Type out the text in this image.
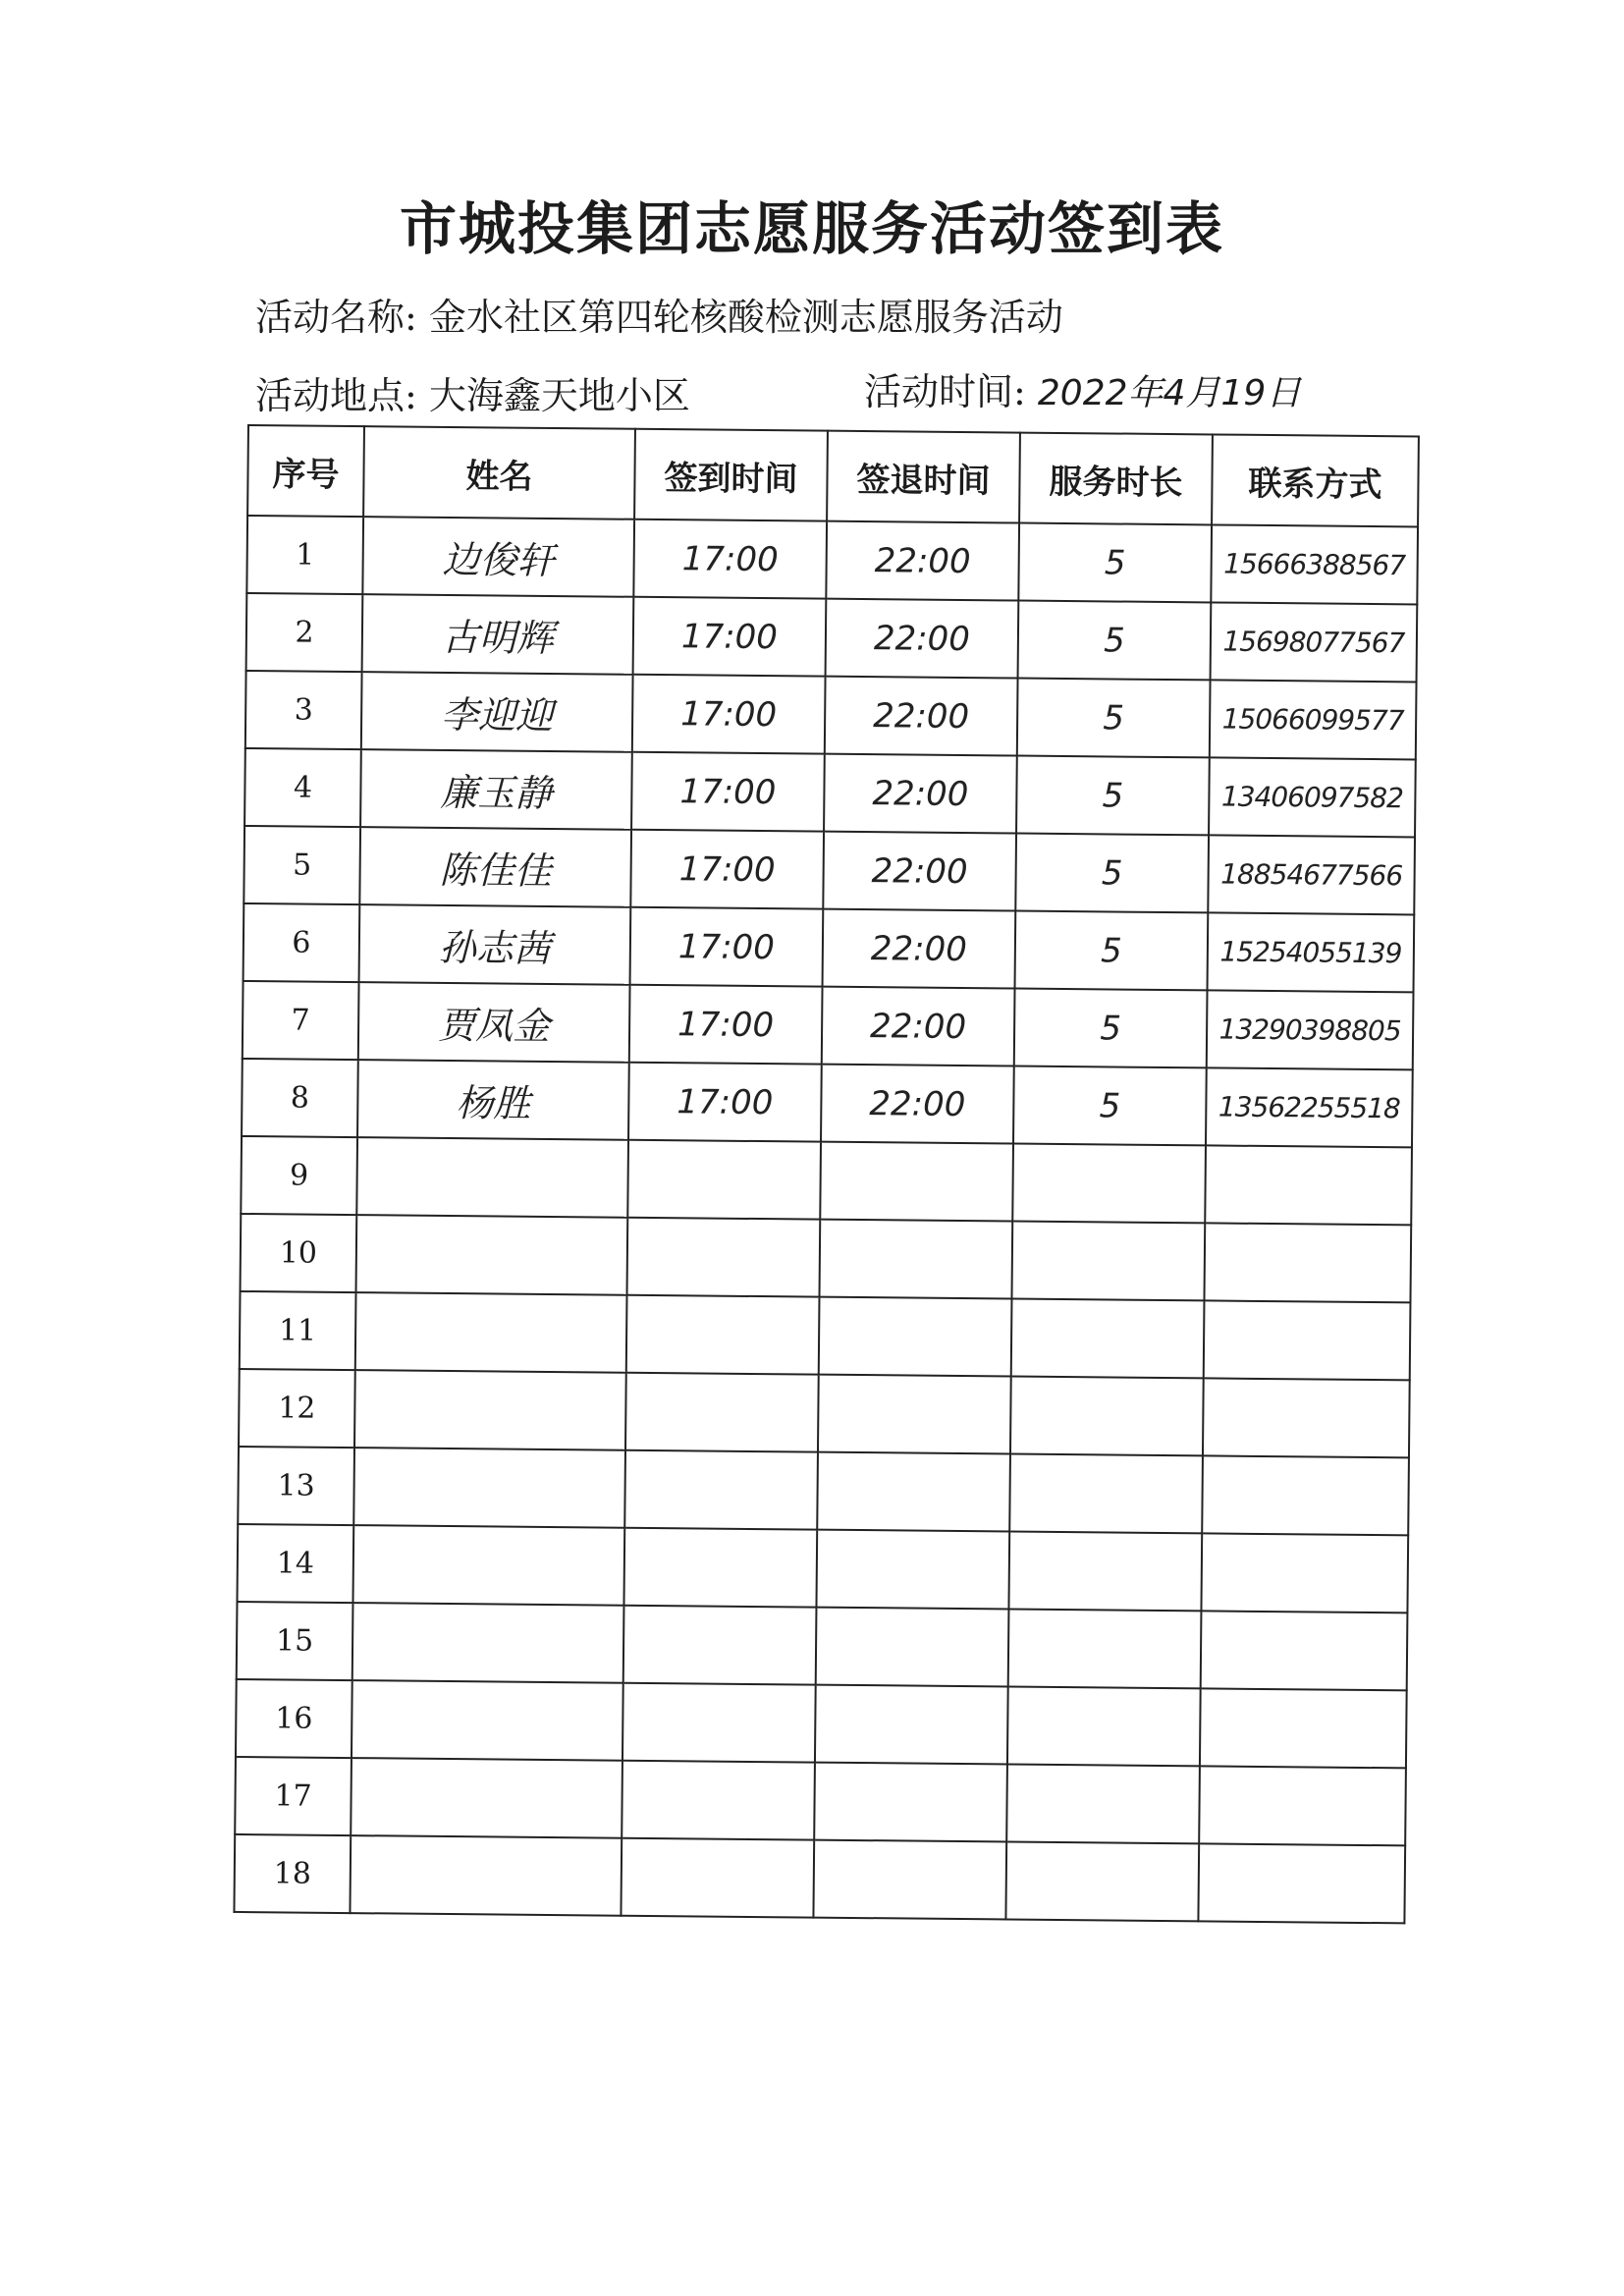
市城投集团志愿服务活动签到表
活动名称: 金水社区第四轮核酸检测志愿服务活动
活动地点: 大海鑫天地小区	活动时间: 2022年4月19日
序号	姓名	签到时间	签退时间	服务时长	联系方式
1	边俊轩	17:00	22:00	5	15666388567
2	古明辉	17:00	22:00	5	15698077567
3	李迎迎	17:00	22:00	5	15066099577
4	廉玉静	17:00	22:00	5	13406097582
5	陈佳佳	17:00	22:00	5	18854677566
6	孙志茜	17:00	22:00	5	15254055139
7	贾凤金	17:00	22:00	5	13290398805
8	杨胜	17:00	22:00	5	13562255518
9					
10					
11					
12					
13					
14					
15					
16					
17					
18					
